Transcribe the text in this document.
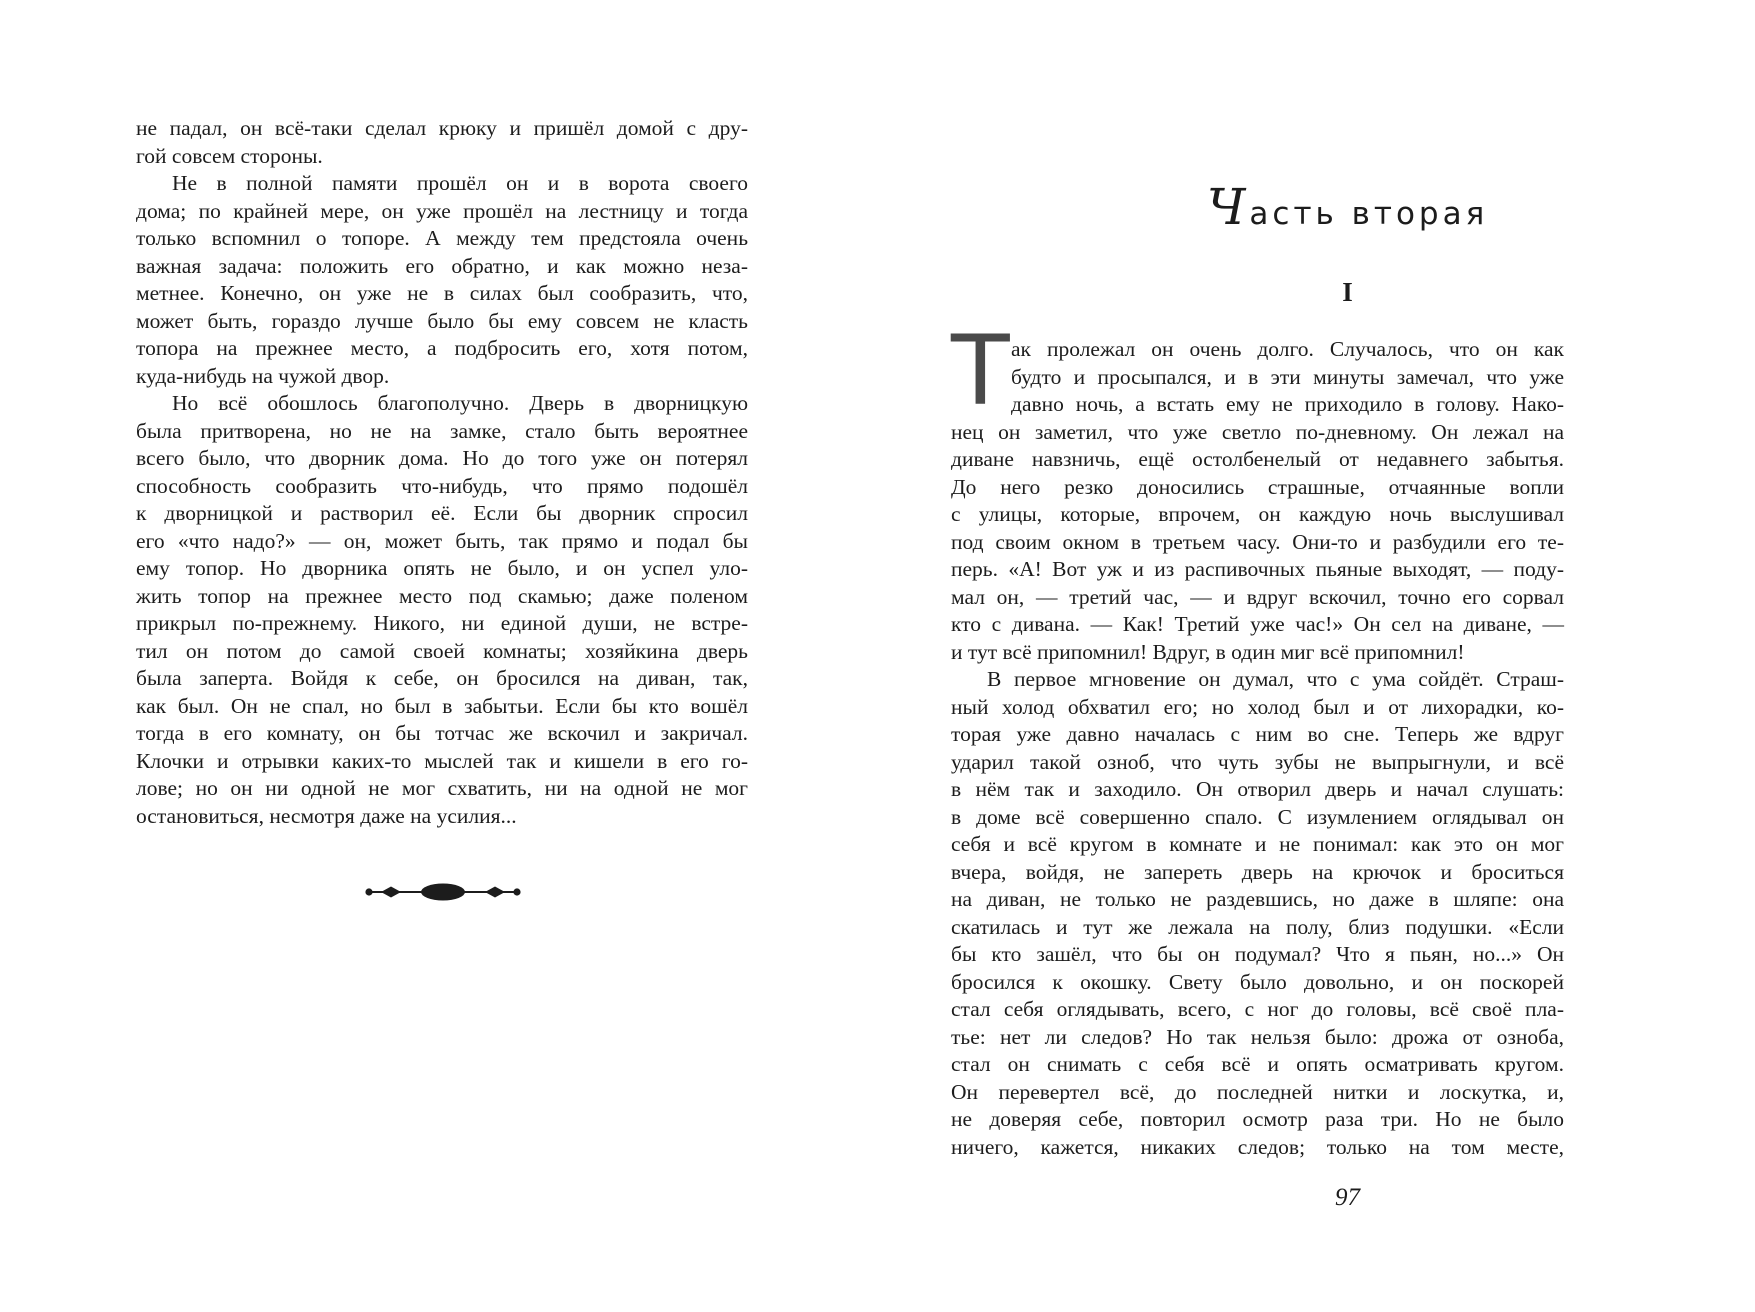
не падал, он всё-таки сделал крюку и пришёл домой с дру-
гой совсем стороны.
Не в полной памяти прошёл он и в ворота своего
дома; по крайней мере, он уже прошёл на лестницу и тогда
только вспомнил о топоре. А между тем предстояла очень
важная задача: положить его обратно, и как можно неза-
метнее. Конечно, он уже не в силах был сообразить, что,
может быть, гораздо лучше было бы ему совсем не класть
топора на прежнее место, а подбросить его, хотя потом,
куда-нибудь на чужой двор.
Но всё обошлось благополучно. Дверь в дворницкую
была притворена, но не на замке, стало быть вероятнее
всего было, что дворник дома. Но до того уже он потерял
способность сообразить что-нибудь, что прямо подошёл
к дворницкой и растворил её. Если бы дворник спросил
его «что надо?» — он, может быть, так прямо и подал бы
ему топор. Но дворника опять не было, и он успел уло-
жить топор на прежнее место под скамью; даже поленом
прикрыл по-прежнему. Никого, ни единой души, не встре-
тил он потом до самой своей комнаты; хозяйкина дверь
была заперта. Войдя к себе, он бросился на диван, так,
как был. Он не спал, но был в забытьи. Если бы кто вошёл
тогда в его комнату, он бы тотчас же вскочил и закричал.
Клочки и отрывки каких-то мыслей так и кишели в его го-
лове; но он ни одной не мог схватить, ни на одной не мог
остановиться, несмотря даже на усилия...
Часть вторая
I
Т ак пролежал он очень долго. Случалось, что он как
будто и просыпался, и в эти минуты замечал, что уже
давно ночь, а встать ему не приходило в голову. Нако-
нец он заметил, что уже светло по-дневному. Он лежал на
диване навзничь, ещё остолбенелый от недавнего забытья.
До него резко доносились страшные, отчаянные вопли
с улицы, которые, впрочем, он каждую ночь выслушивал
под своим окном в третьем часу. Они-то и разбудили его те-
перь. «А! Вот уж и из распивочных пьяные выходят, — поду-
мал он, — третий час, — и вдруг вскочил, точно его сорвал
кто с дивана. — Как! Третий уже час!» Он сел на диване, —
и тут всё припомнил! Вдруг, в один миг всё припомнил!
В первое мгновение он думал, что с ума сойдёт. Страш-
ный холод обхватил его; но холод был и от лихорадки, ко-
торая уже давно началась с ним во сне. Теперь же вдруг
ударил такой озноб, что чуть зубы не выпрыгнули, и всё
в нём так и заходило. Он отворил дверь и начал слушать:
в доме всё совершенно спало. С изумлением оглядывал он
себя и всё кругом в комнате и не понимал: как это он мог
вчера, войдя, не запереть дверь на крючок и броситься
на диван, не только не раздевшись, но даже в шляпе: она
скатилась и тут же лежала на полу, близ подушки. «Если
бы кто зашёл, что бы он подумал? Что я пьян, но...» Он
бросился к окошку. Свету было довольно, и он поскорей
стал себя оглядывать, всего, с ног до головы, всё своё пла-
тье: нет ли следов? Но так нельзя было: дрожа от озноба,
стал он снимать с себя всё и опять осматривать кругом.
Он перевертел всё, до последней нитки и лоскутка, и,
не доверяя себе, повторил осмотр раза три. Но не было
ничего, кажется, никаких следов; только на том месте,
97
